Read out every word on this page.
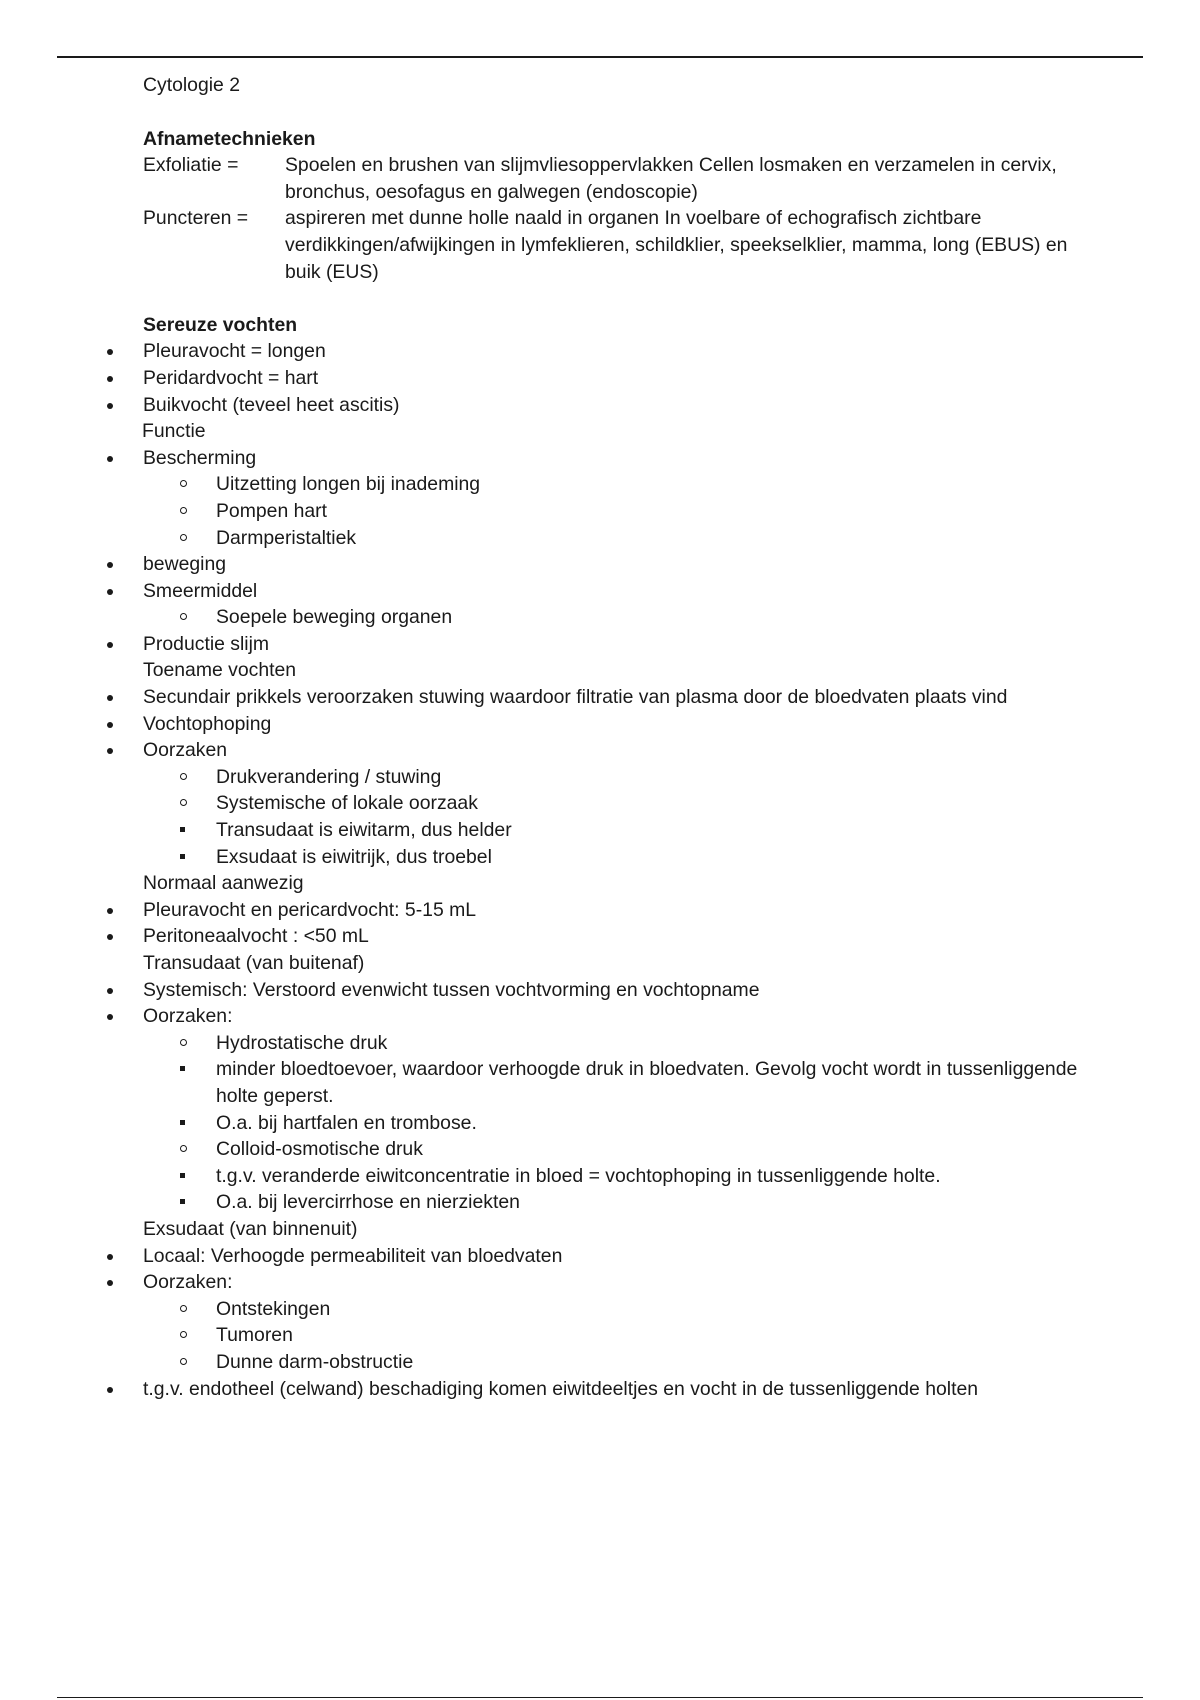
Cytologie 2

Afnametechnieken

Exfoliatie =	Spoelen en brushen van slijmvliesoppervlakken Cellen losmaken en verzamelen in cervix, bronchus, oesofagus en galwegen (endoscopie)

Puncteren =	aspireren met dunne holle naald in organen In voelbare of echografisch zichtbare verdikkingen/afwijkingen in lymfeklieren, schildklier, speekselklier, mamma, long (EBUS) en buik (EUS)

Sereuze vochten

Pleuravocht = longen
Peridardvocht = hart
Buikvocht (teveel heet ascitis)

Functie

Bescherming
Uitzetting longen bij inademing
Pompen hart
Darmperistaltiek
beweging
Smeermiddel
Soepele beweging organen
Productie slijm

Toename vochten

Secundair prikkels veroorzaken stuwing waardoor filtratie van plasma door de bloedvaten plaats vind
Vochtophoping
Oorzaken
Drukverandering / stuwing
Systemische of lokale oorzaak
Transudaat is eiwitarm, dus helder
Exsudaat is eiwitrijk, dus troebel

Normaal aanwezig

Pleuravocht en pericardvocht: 5-15 mL
Peritoneaalvocht : <50 mL

Transudaat (van buitenaf)

Systemisch: Verstoord evenwicht tussen vochtvorming en vochtopname
Oorzaken:
Hydrostatische druk
minder bloedtoevoer, waardoor verhoogde druk in bloedvaten. Gevolg vocht wordt in tussenliggende holte geperst.
O.a. bij hartfalen en trombose.
Colloid-osmotische druk
t.g.v. veranderde eiwitconcentratie in bloed = vochtophoping in tussenliggende holte.
O.a. bij levercirrhose en nierziekten

Exsudaat (van binnenuit)

Locaal: Verhoogde permeabiliteit van bloedvaten
Oorzaken:
Ontstekingen
Tumoren
Dunne darm-obstructie
t.g.v. endotheel (celwand) beschadiging komen eiwitdeeltjes en vocht in de tussenliggende holten
